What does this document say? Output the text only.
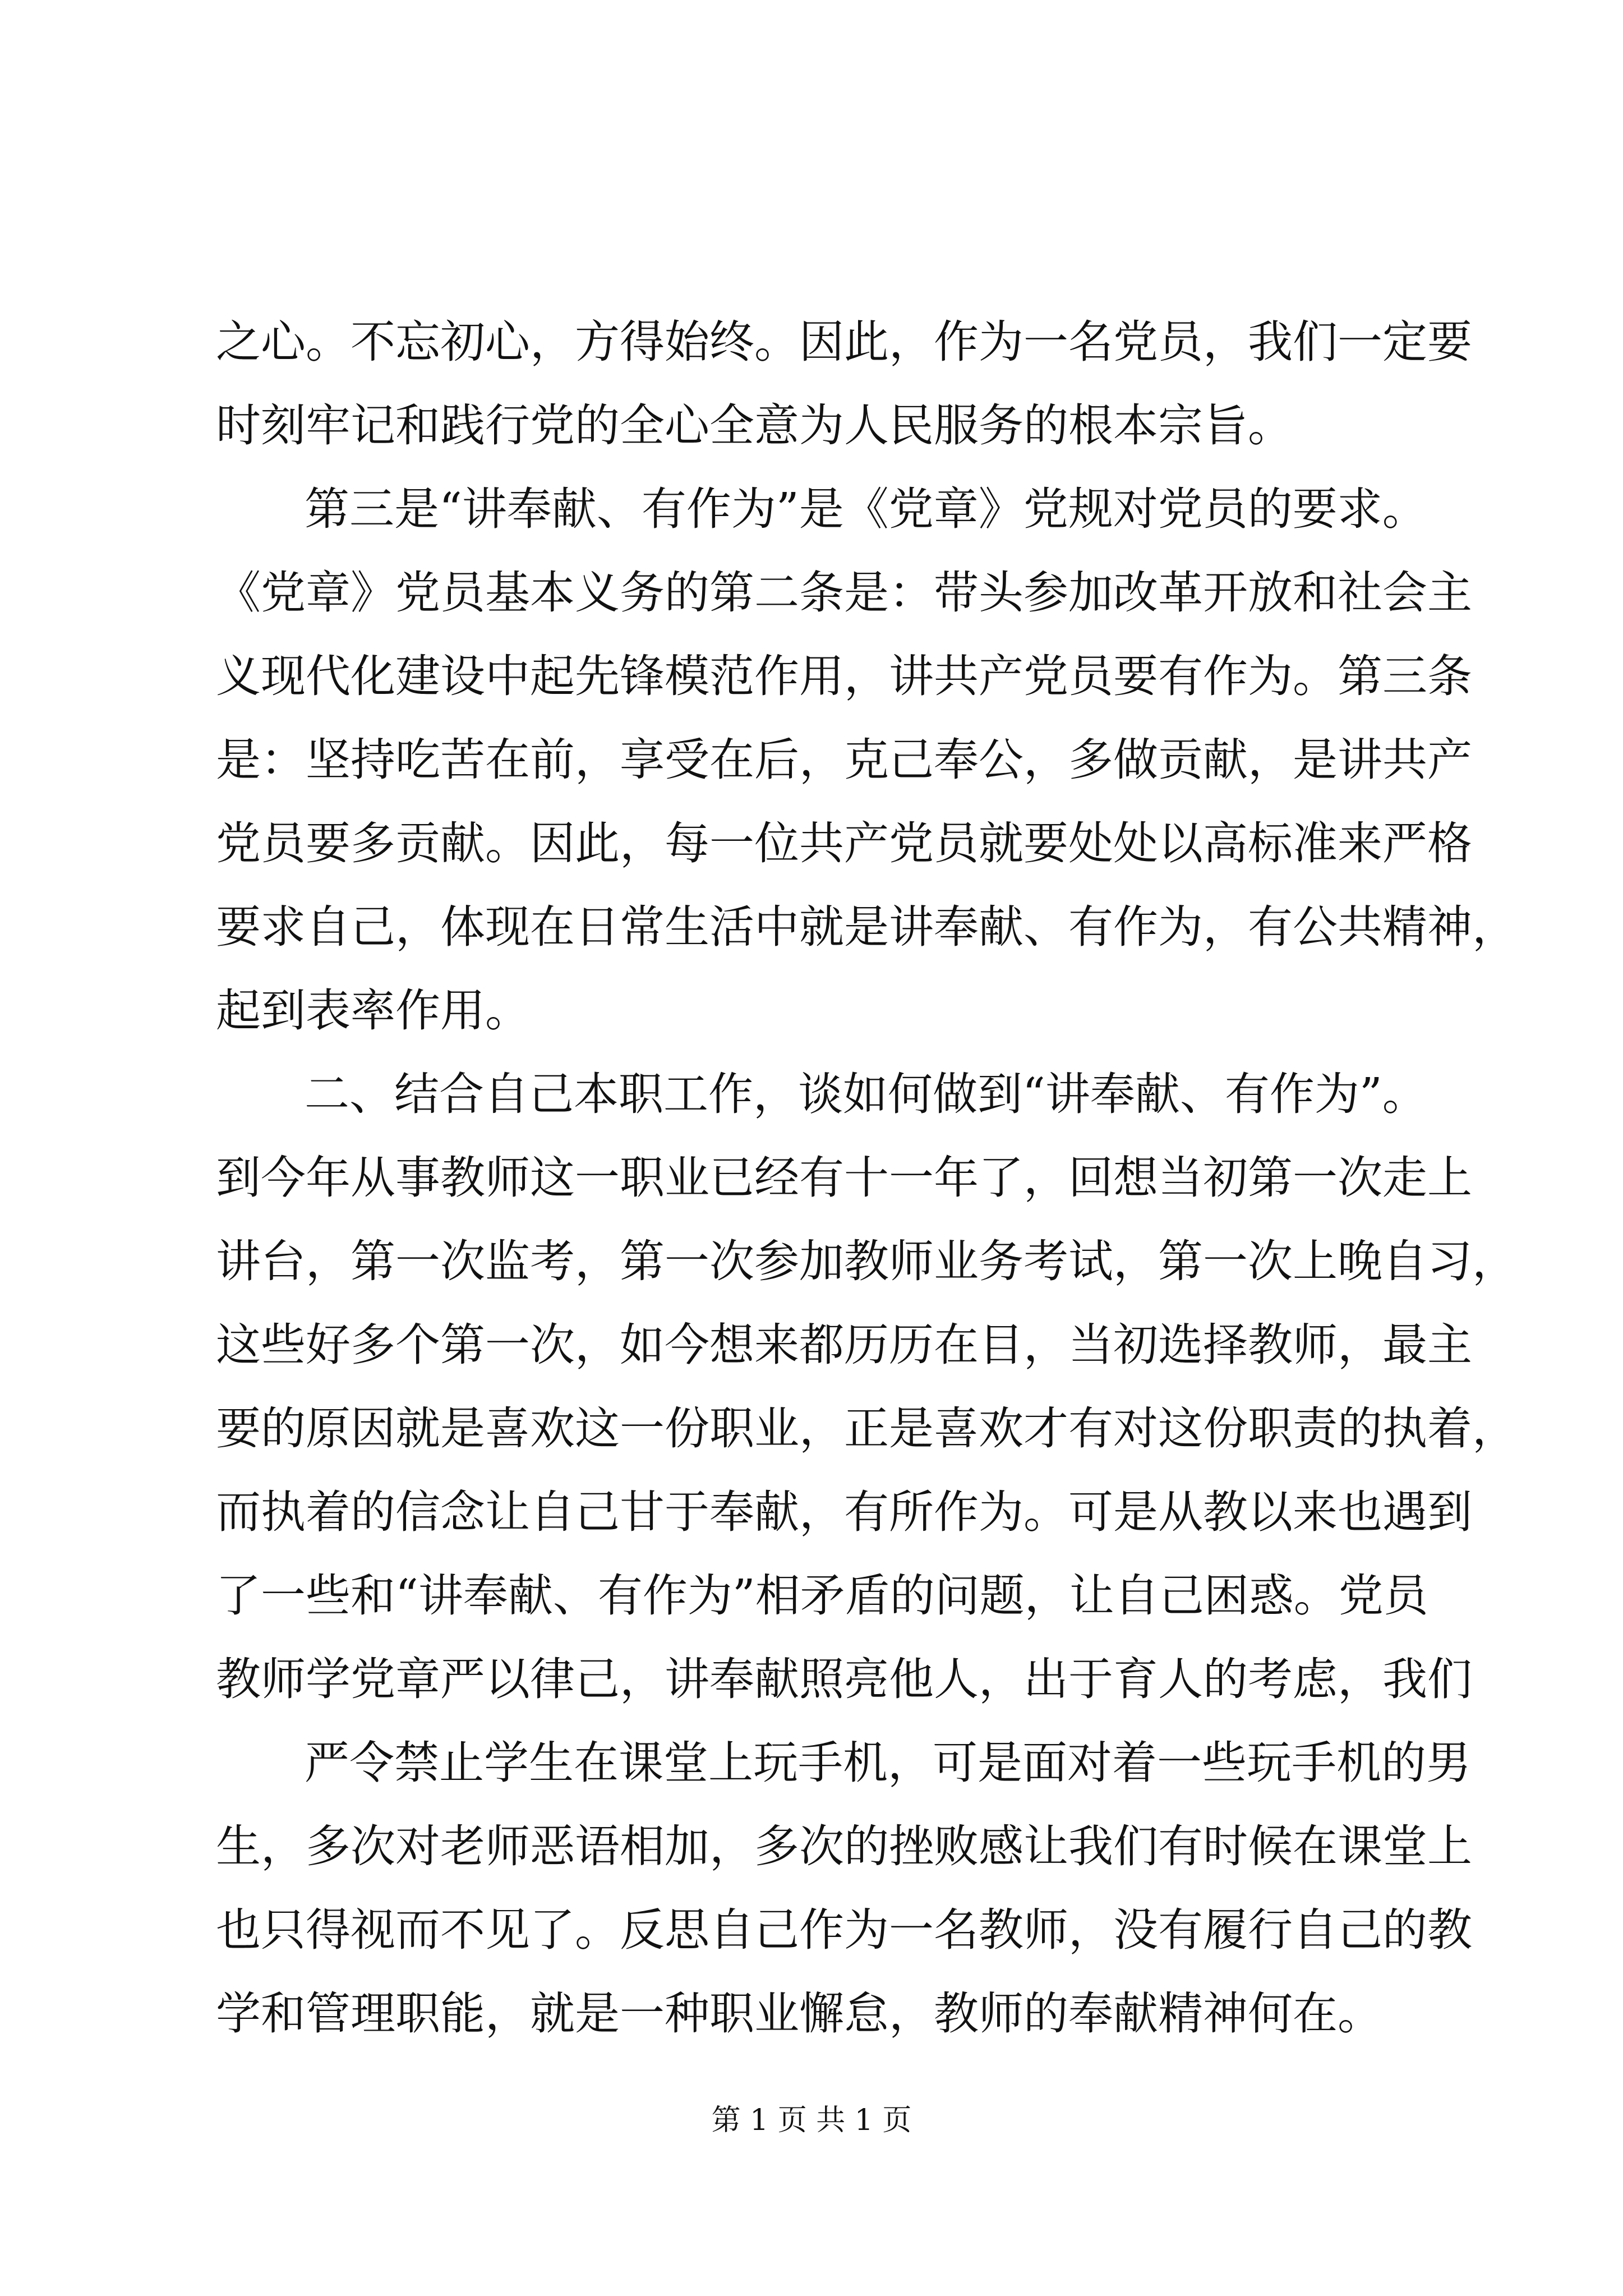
之心。不忘初心，方得始终。因此，作为一名党员，我们一定要
时刻牢记和践行党的全心全意为人民服务的根本宗旨。
第三是“讲奉献、有作为”是《党章》党规对党员的要求。
《党章》党员基本义务的第二条是：带头参加改革开放和社会主
义现代化建设中起先锋模范作用，讲共产党员要有作为。第三条
是：坚持吃苦在前，享受在后，克己奉公，多做贡献，是讲共产
党员要多贡献。因此，每一位共产党员就要处处以高标准来严格
要求自己，体现在日常生活中就是讲奉献、有作为，有公共精神，
起到表率作用。
二、结合自己本职工作，谈如何做到“讲奉献、有作为”。
到今年从事教师这一职业已经有十一年了，回想当初第一次走上
讲台，第一次监考，第一次参加教师业务考试，第一次上晚自习，
这些好多个第一次，如今想来都历历在目，当初选择教师，最主
要的原因就是喜欢这一份职业，正是喜欢才有对这份职责的执着，
而执着的信念让自己甘于奉献，有所作为。可是从教以来也遇到
了一些和“讲奉献、有作为”相矛盾的问题，让自己困惑。党员
教师学党章严以律己，讲奉献照亮他人，出于育人的考虑，我们
严令禁止学生在课堂上玩手机，可是面对着一些玩手机的男
生，多次对老师恶语相加，多次的挫败感让我们有时候在课堂上
也只得视而不见了。反思自己作为一名教师，没有履行自己的教
学和管理职能，就是一种职业懈怠，教师的奉献精神何在。
第 1 页 共 1 页
